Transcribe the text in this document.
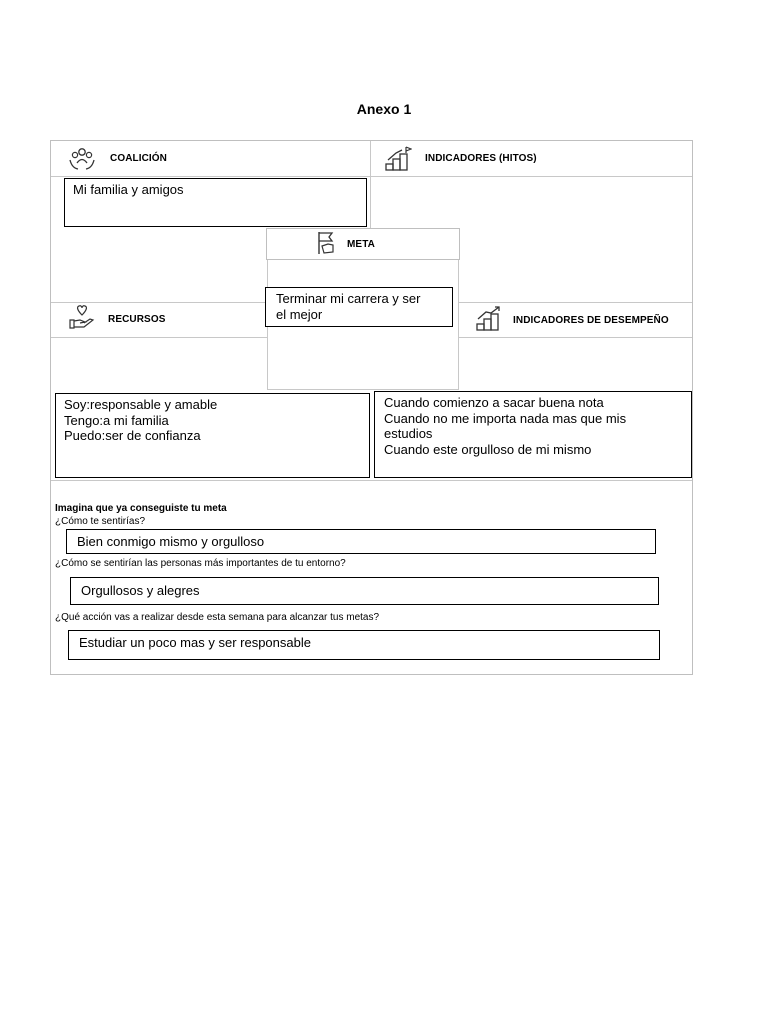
Anexo 1
COALICIÓN	INDICADORES (HITOS)
Mi familia y amigos
META
Terminar mi carrera y ser
el mejor
RECURSOS	INDICADORES DE DESEMPEÑO
Soy:responsable y amable
Tengo:a mi familia
Puedo:ser de confianza
Cuando comienzo a sacar buena nota
Cuando no me importa nada mas que mis
estudios
Cuando este orgulloso de mi mismo
Imagina que ya conseguiste tu meta
¿Cómo te sentirías?
Bien conmigo mismo y orgulloso
¿Cómo se sentirían las personas más importantes de tu entorno?
Orgullosos y alegres
¿Qué acción vas a realizar desde esta semana para alcanzar tus metas?
Estudiar un poco mas y ser responsable
